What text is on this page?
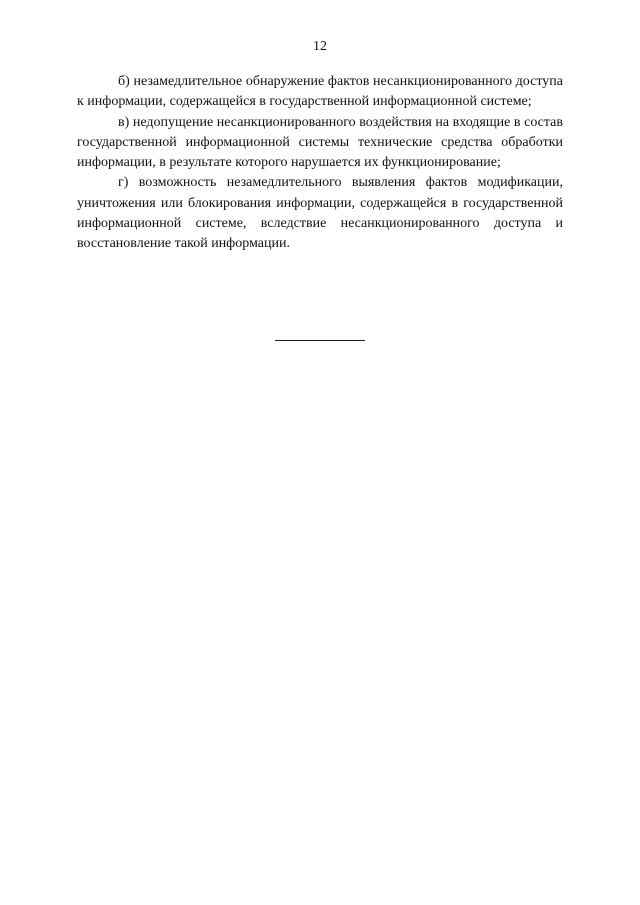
12

б) незамедлительное обнаружение фактов несанкционированного доступа к информации, содержащейся в государственной информационной системе;

в) недопущение несанкционированного воздействия на входящие в состав государственной информационной системы технические средства обработки информации, в результате которого нарушается их функционирование;

г) возможность незамедлительного выявления фактов модификации, уничтожения или блокирования информации, содержащейся в государственной информационной системе, вследствие несанкционированного доступа и восстановление такой информации.
